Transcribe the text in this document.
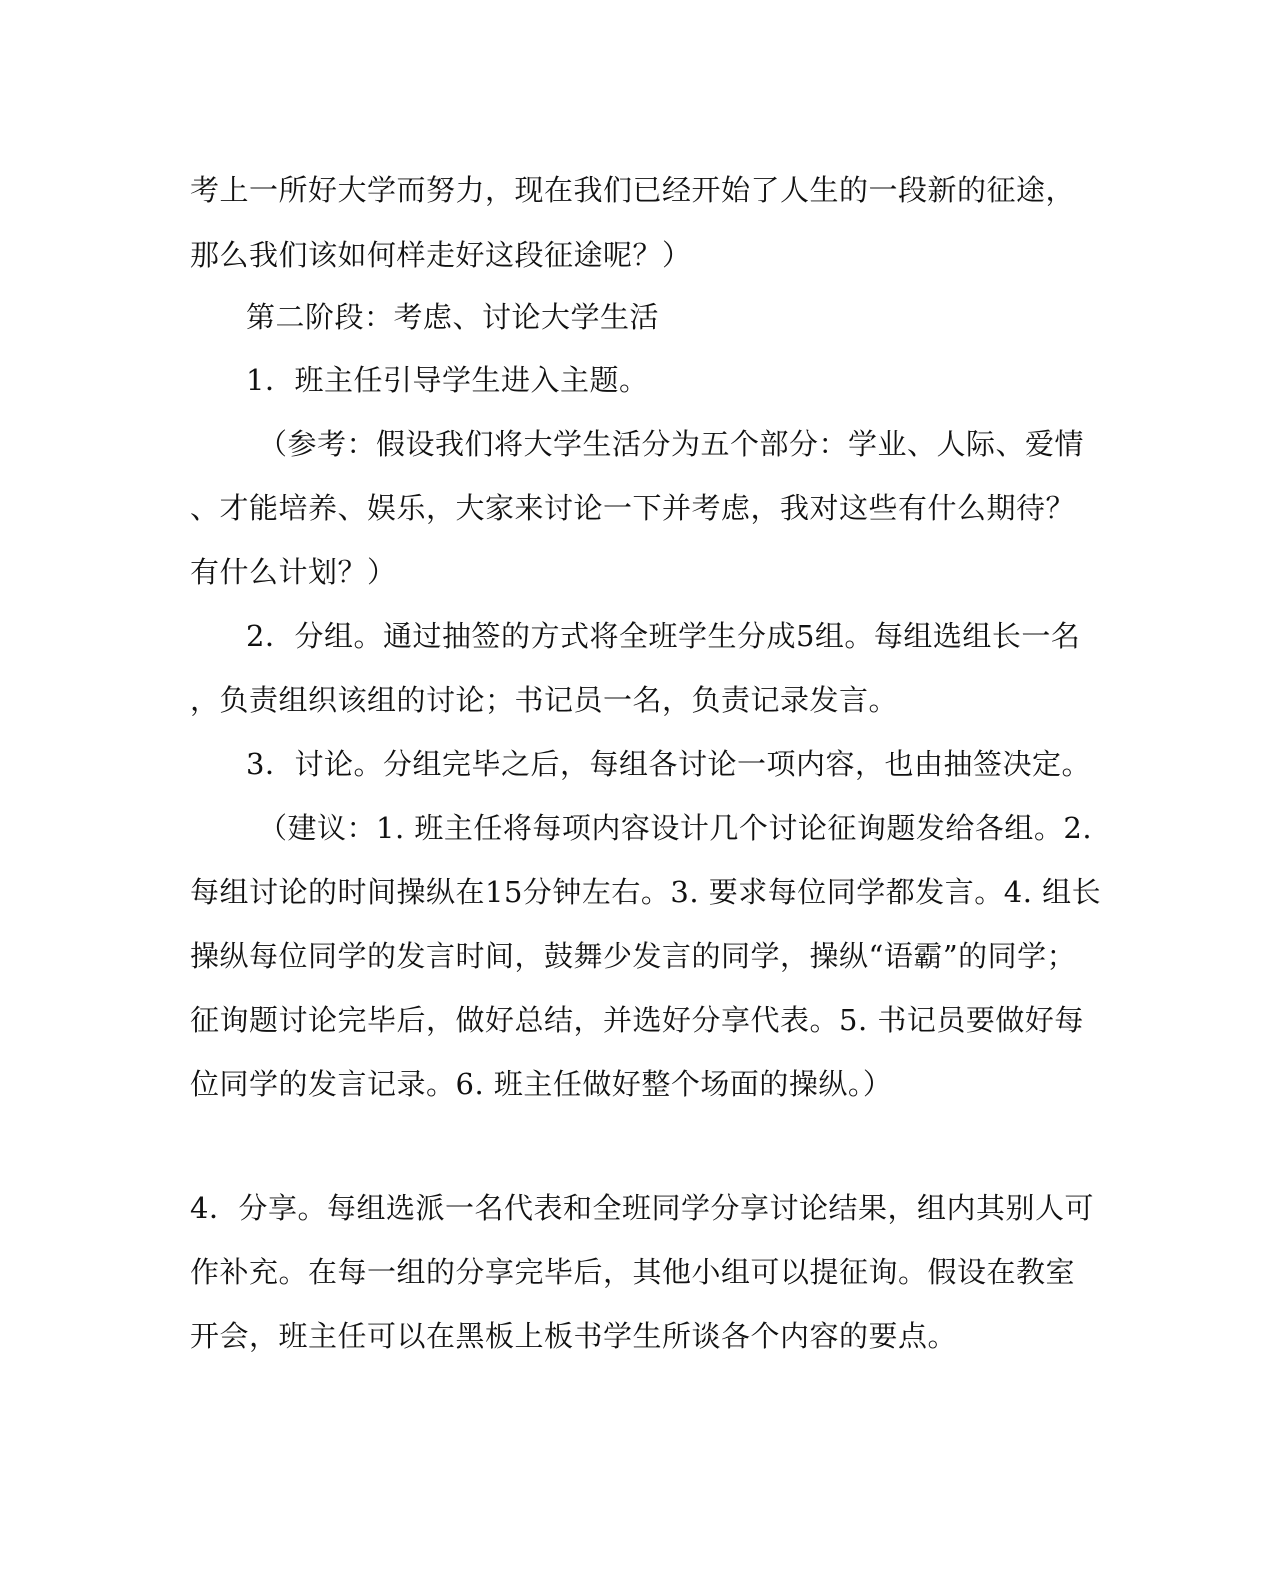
考上一所好大学而努力，现在我们已经开始了人生的一段新的征途，
那么我们该如何样走好这段征途呢？）
第二阶段：考虑、讨论大学生活
1．班主任引导学生进入主题。
（参考：假设我们将大学生活分为五个部分：学业、人际、爱情
、才能培养、娱乐，大家来讨论一下并考虑，我对这些有什么期待？
有什么计划？）
2．分组。通过抽签的方式将全班学生分成5组。每组选组长一名
，负责组织该组的讨论；书记员一名，负责记录发言。
3．讨论。分组完毕之后，每组各讨论一项内容，也由抽签决定。
（建议：1. 班主任将每项内容设计几个讨论征询题发给各组。2.
每组讨论的时间操纵在15分钟左右。3. 要求每位同学都发言。4. 组长
操纵每位同学的发言时间，鼓舞少发言的同学，操纵“语霸”的同学；
征询题讨论完毕后，做好总结，并选好分享代表。5. 书记员要做好每
位同学的发言记录。6. 班主任做好整个场面的操纵。）
4．分享。每组选派一名代表和全班同学分享讨论结果，组内其别人可
作补充。在每一组的分享完毕后，其他小组可以提征询。假设在教室
开会，班主任可以在黑板上板书学生所谈各个内容的要点。
